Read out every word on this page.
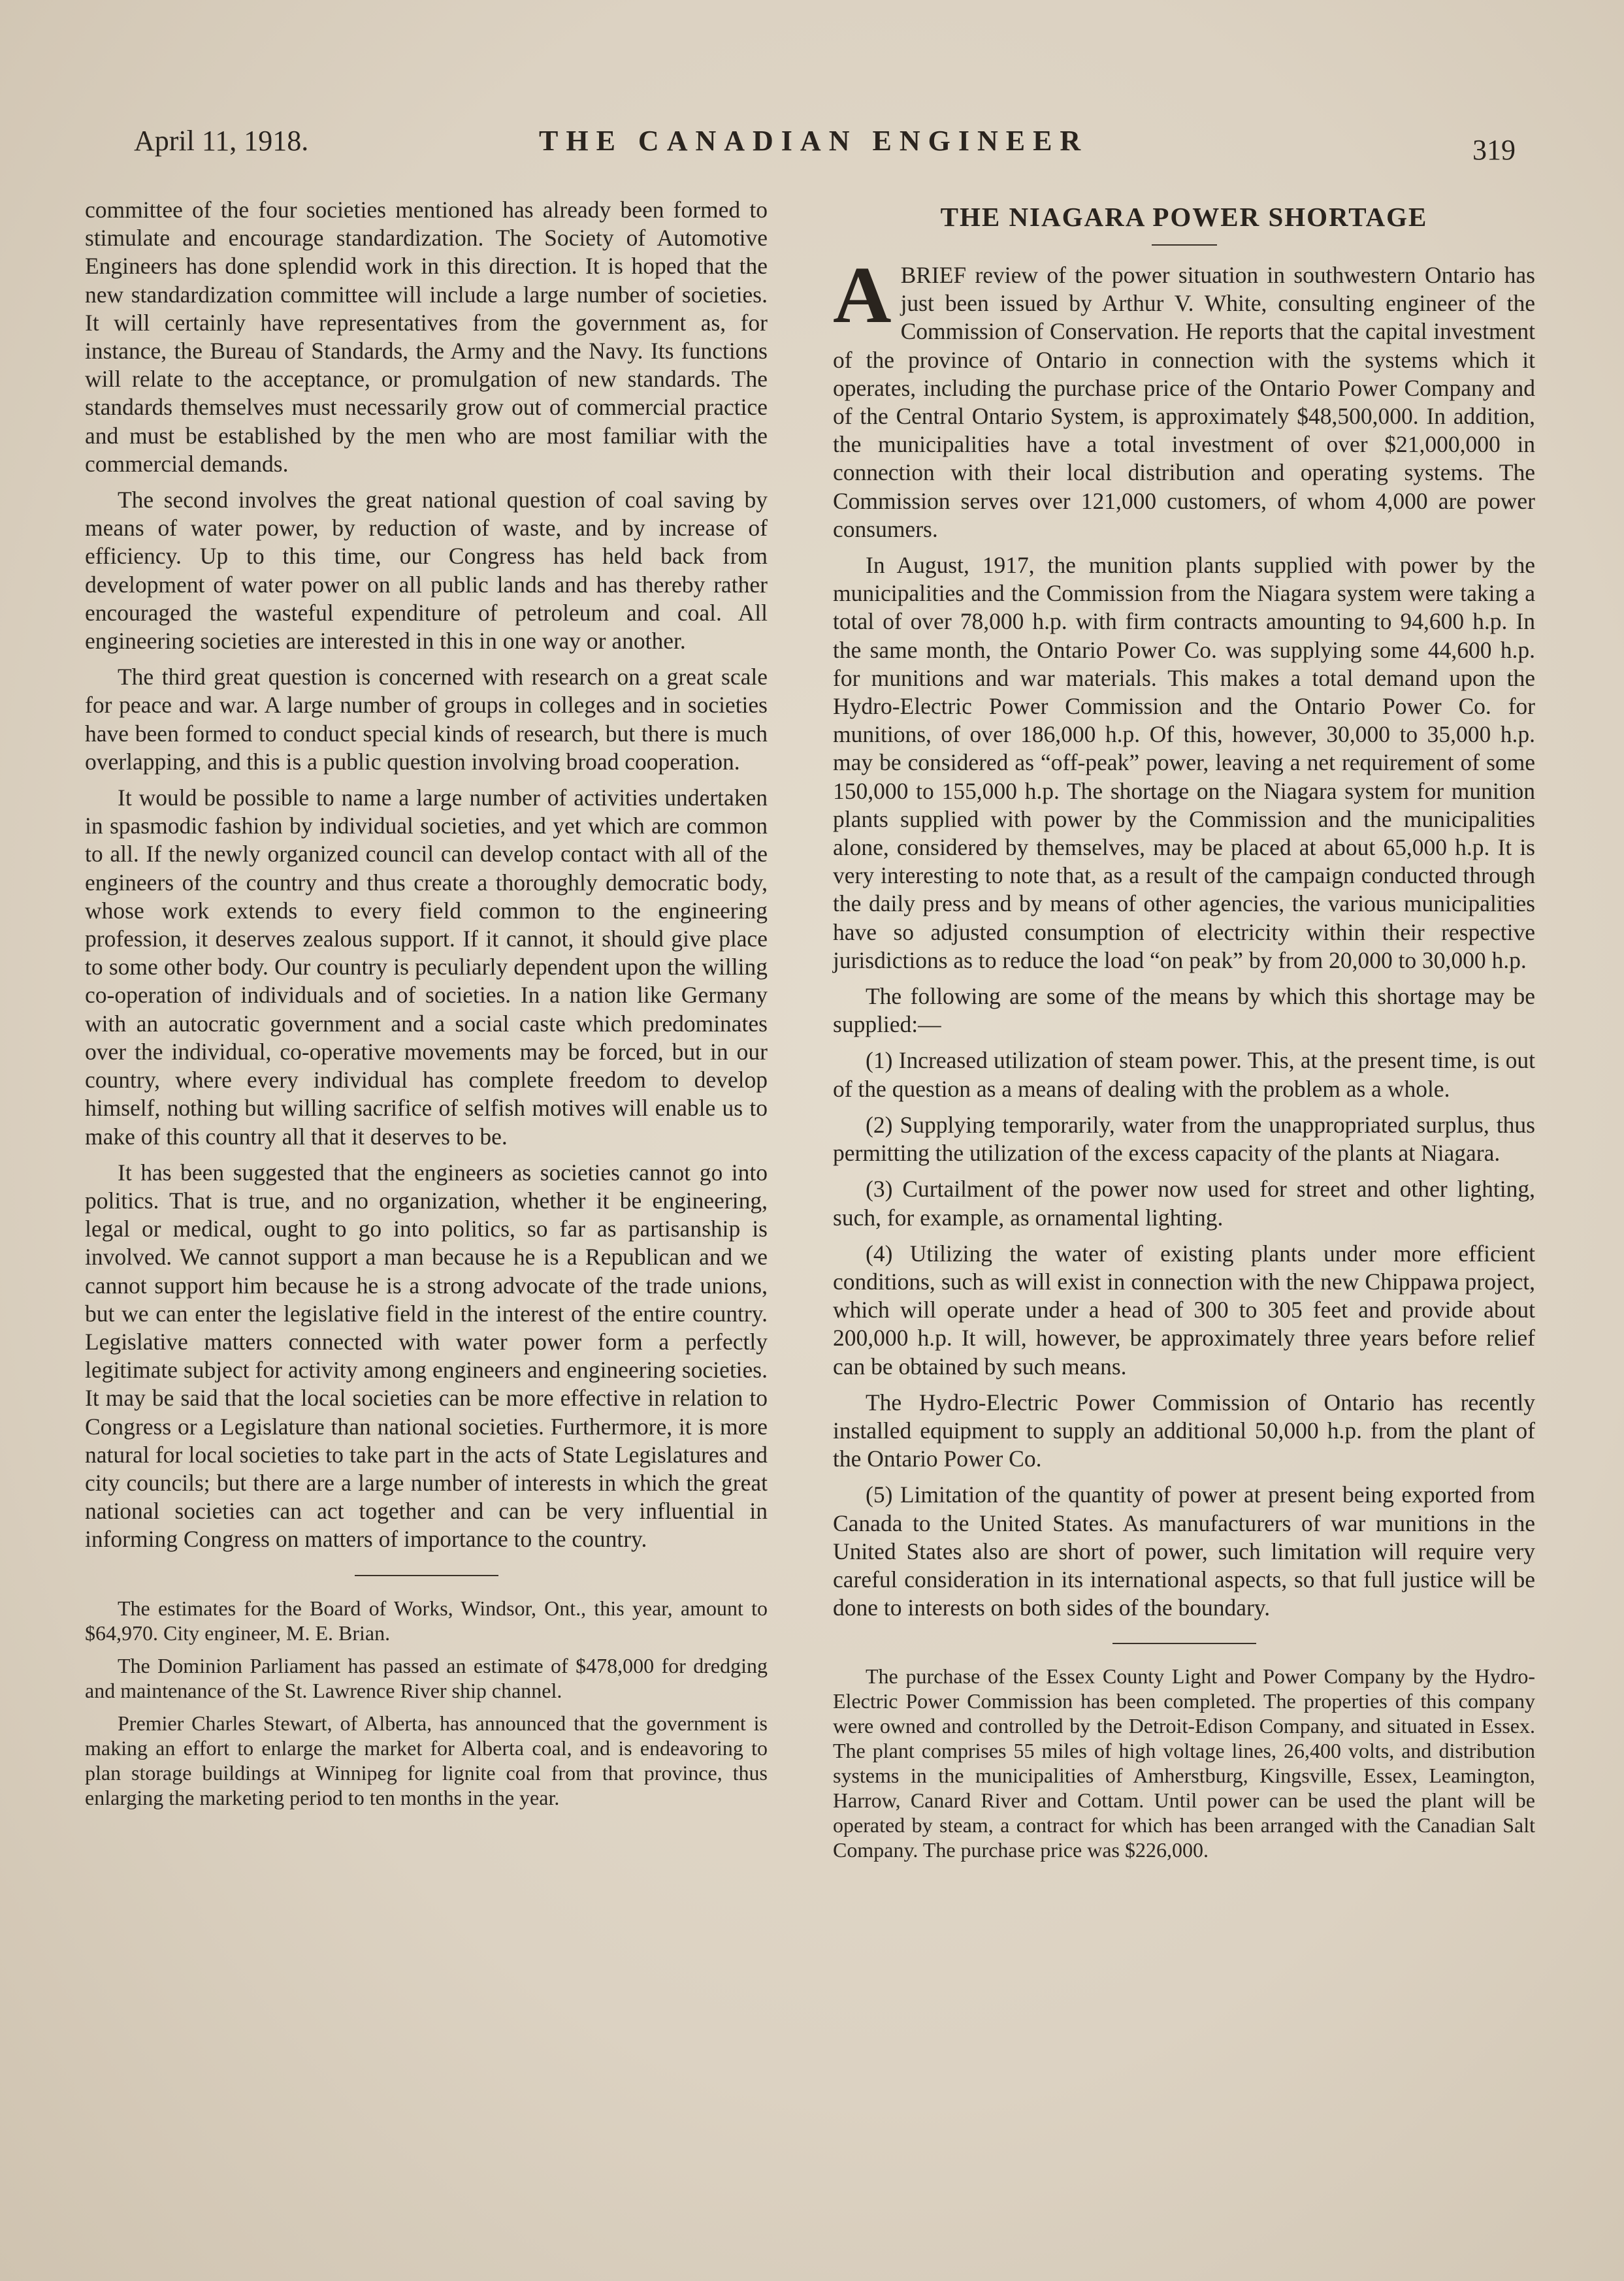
April 11, 1918.	THE CANADIAN ENGINEER	319

committee of the four societies mentioned has already been formed to stimulate and encourage standardization. The Society of Automotive Engineers has done splendid work in this direction. It is hoped that the new standardization committee will include a large number of societies. It will certainly have representatives from the government as, for instance, the Bureau of Standards, the Army and the Navy. Its functions will relate to the acceptance, or promulgation of new standards. The standards themselves must necessarily grow out of commercial practice and must be established by the men who are most familiar with the commercial demands.

The second involves the great national question of coal saving by means of water power, by reduction of waste, and by increase of efficiency. Up to this time, our Congress has held back from development of water power on all public lands and has thereby rather encouraged the wasteful expenditure of petroleum and coal. All engineering societies are interested in this in one way or another.

The third great question is concerned with research on a great scale for peace and war. A large number of groups in colleges and in societies have been formed to conduct special kinds of research, but there is much overlapping, and this is a public question involving broad cooperation.

It would be possible to name a large number of activities undertaken in spasmodic fashion by individual societies, and yet which are common to all. If the newly organized council can develop contact with all of the engineers of the country and thus create a thoroughly democratic body, whose work extends to every field common to the engineering profession, it deserves zealous support. If it cannot, it should give place to some other body. Our country is peculiarly dependent upon the willing co-operation of individuals and of societies. In a nation like Germany with an autocratic government and a social caste which predominates over the individual, co-operative movements may be forced, but in our country, where every individual has complete freedom to develop himself, nothing but willing sacrifice of selfish motives will enable us to make of this country all that it deserves to be.

It has been suggested that the engineers as societies cannot go into politics. That is true, and no organization, whether it be engineering, legal or medical, ought to go into politics, so far as partisanship is involved. We cannot support a man because he is a Republican and we cannot support him because he is a strong advocate of the trade unions, but we can enter the legislative field in the interest of the entire country. Legislative matters connected with water power form a perfectly legitimate subject for activity among engineers and engineering societies. It may be said that the local societies can be more effective in relation to Congress or a Legislature than national societies. Furthermore, it is more natural for local societies to take part in the acts of State Legislatures and city councils; but there are a large number of interests in which the great national societies can act together and can be very influential in informing Congress on matters of importance to the country.

The estimates for the Board of Works, Windsor, Ont., this year, amount to $64,970. City engineer, M. E. Brian.

The Dominion Parliament has passed an estimate of $478,000 for dredging and maintenance of the St. Lawrence River ship channel.

Premier Charles Stewart, of Alberta, has announced that the government is making an effort to enlarge the market for Alberta coal, and is endeavoring to plan storage buildings at Winnipeg for lignite coal from that province, thus enlarging the marketing period to ten months in the year.

THE NIAGARA POWER SHORTAGE

ABRIEF review of the power situation in southwestern Ontario has just been issued by Arthur V. White, consulting engineer of the Commission of Conservation. He reports that the capital investment of the province of Ontario in connection with the systems which it operates, including the purchase price of the Ontario Power Company and of the Central Ontario System, is approximately $48,500,000. In addition, the municipalities have a total investment of over $21,000,000 in connection with their local distribution and operating systems. The Commission serves over 121,000 customers, of whom 4,000 are power consumers.

In August, 1917, the munition plants supplied with power by the municipalities and the Commission from the Niagara system were taking a total of over 78,000 h.p. with firm contracts amounting to 94,600 h.p. In the same month, the Ontario Power Co. was supplying some 44,600 h.p. for munitions and war materials. This makes a total demand upon the Hydro-Electric Power Commission and the Ontario Power Co. for munitions, of over 186,000 h.p. Of this, however, 30,000 to 35,000 h.p. may be considered as “off-peak” power, leaving a net requirement of some 150,000 to 155,000 h.p. The shortage on the Niagara system for munition plants supplied with power by the Commission and the municipalities alone, considered by themselves, may be placed at about 65,000 h.p. It is very interesting to note that, as a result of the campaign conducted through the daily press and by means of other agencies, the various municipalities have so adjusted consumption of electricity within their respective jurisdictions as to reduce the load “on peak” by from 20,000 to 30,000 h.p.

The following are some of the means by which this shortage may be supplied:—

(1) Increased utilization of steam power. This, at the present time, is out of the question as a means of dealing with the problem as a whole.

(2) Supplying temporarily, water from the unappropriated surplus, thus permitting the utilization of the excess capacity of the plants at Niagara.

(3) Curtailment of the power now used for street and other lighting, such, for example, as ornamental lighting.

(4) Utilizing the water of existing plants under more efficient conditions, such as will exist in connection with the new Chippawa project, which will operate under a head of 300 to 305 feet and provide about 200,000 h.p. It will, however, be approximately three years before relief can be obtained by such means.

The Hydro-Electric Power Commission of Ontario has recently installed equipment to supply an additional 50,000 h.p. from the plant of the Ontario Power Co.

(5) Limitation of the quantity of power at present being exported from Canada to the United States. As manufacturers of war munitions in the United States also are short of power, such limitation will require very careful consideration in its international aspects, so that full justice will be done to interests on both sides of the boundary.

The purchase of the Essex County Light and Power Company by the Hydro-Electric Power Commission has been completed. The properties of this company were owned and controlled by the Detroit-Edison Company, and situated in Essex. The plant comprises 55 miles of high voltage lines, 26,400 volts, and distribution systems in the municipalities of Amherstburg, Kingsville, Essex, Leamington, Harrow, Canard River and Cottam. Until power can be used the plant will be operated by steam, a contract for which has been arranged with the Canadian Salt Company. The purchase price was $226,000.
